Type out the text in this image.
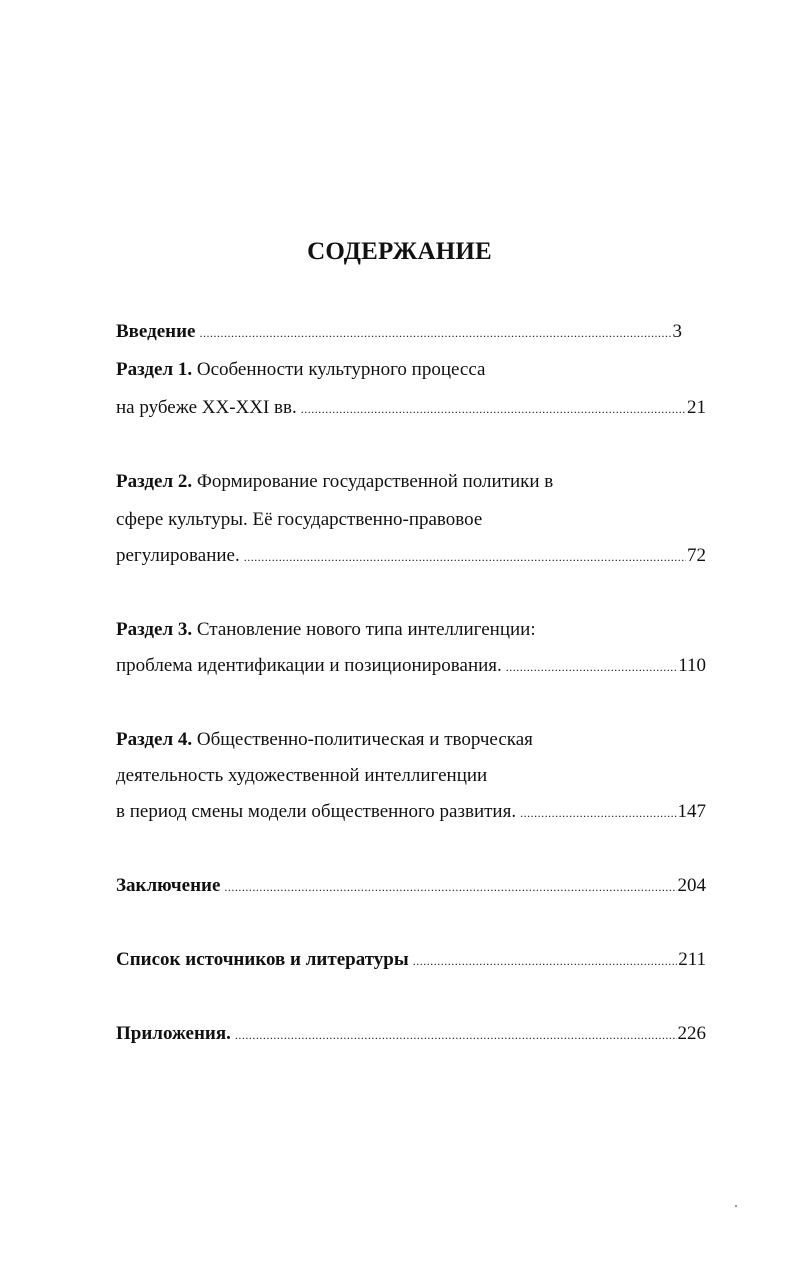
СОДЕРЖАНИЕ
Введение .....	3
Раздел 1. Особенности культурного процесса
на рубеже XX-XXI вв. .....	21
Раздел 2. Формирование государственной политики в
сфере культуры. Её государственно-правовое
регулирование. .....	72
Раздел 3. Становление нового типа интеллигенции:
проблема идентификации и позиционирования. .....	110
Раздел 4. Общественно-политическая и творческая
деятельность художественной интеллигенции
в период смены модели общественного развития. .....	147
Заключение .....	204
Список источников и литературы .....	211
Приложения. .....	226
